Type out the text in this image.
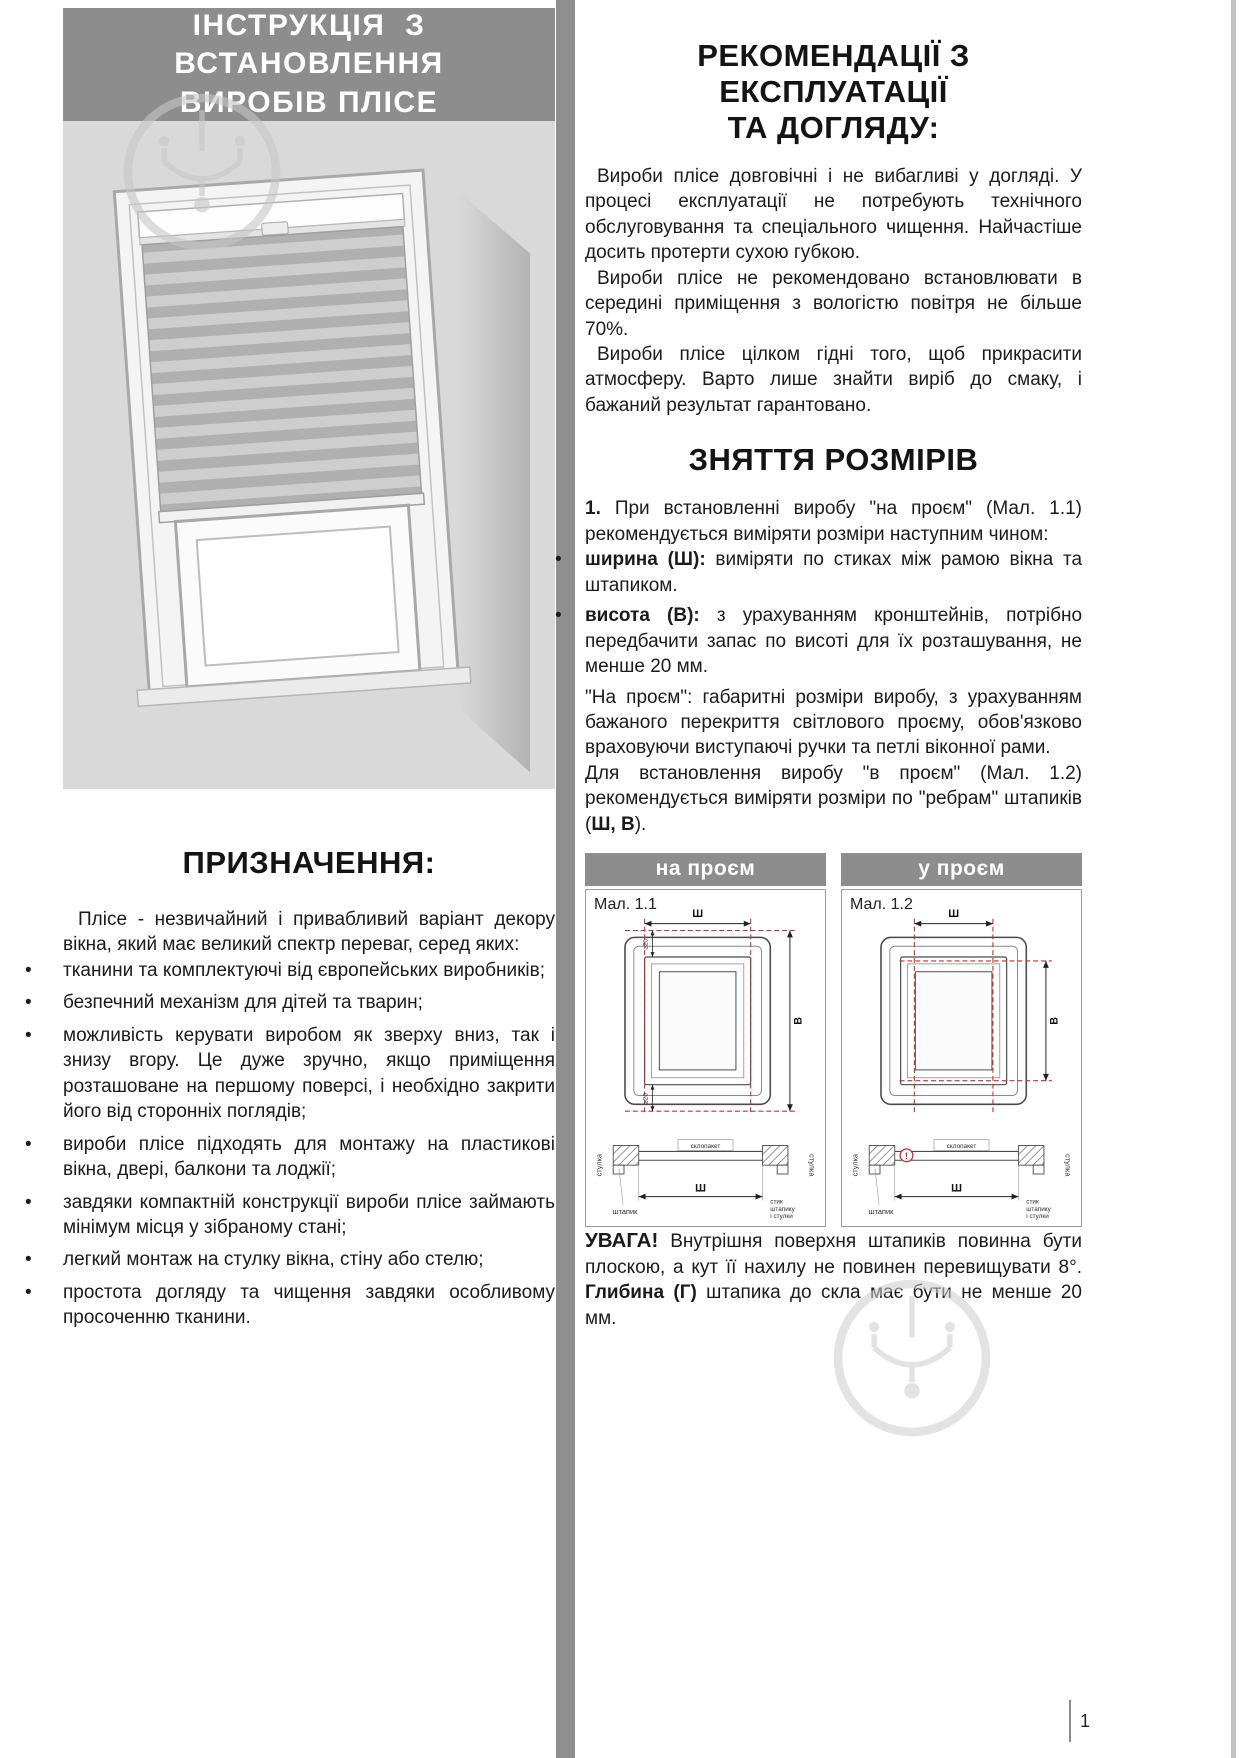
ІНСТРУКЦІЯ З ВСТАНОВЛЕННЯ
ВИРОБІВ ПЛІСЕ
ПРИЗНАЧЕННЯ:

Плісе - незвичайний і привабливий варіант декору вікна, який має великий спектр переваг, серед яких:

• тканини та комплектуючі від європейських виробників;
• безпечний механізм для дітей та тварин;
• можливість керувати виробом як зверху вниз, так і знизу вгору. Це дуже зручно, якщо приміщення розташоване на першому поверсі, і необхідно закрити його від сторонніх поглядів;
• вироби плісе підходять для монтажу на пластикові вікна, двері, балкони та лоджії;
• завдяки компактній конструкції вироби плісе займають мінімум місця у зібраному стані;
• легкий монтаж на стулку вікна, стіну або стелю;
• простота догляду та чищення завдяки особливому просоченню тканини.
РЕКОМЕНДАЦІЇ З ЕКСПЛУАТАЦІЇ
ТА ДОГЛЯДУ:

Вироби плісе довговічні і не вибагливі у догляді. У процесі експлуатації не потребують технічного обслуговування та спеціального чищення. Найчастіше досить протерти сухою губкою.

Вироби плісе не рекомендовано встановлювати в середині приміщення з вологістю повітря не більше 70%.

Вироби плісе цілком гідні того, щоб прикрасити атмосферу. Варто лише знайти виріб до смаку, і бажаний результат гарантовано.

ЗНЯТТЯ РОЗМІРІВ

1. При встановленні виробу "на проєм" (Мал. 1.1) рекомендується виміряти розміри наступним чином:

• ширина (Ш): виміряти по стиках між рамою вікна та штапиком.
• висота (В): з урахуванням кронштейнів, потрібно передбачити запас по висоті для їх розташування, не менше 20 мм.

"На проєм": габаритні розміри виробу, з урахуванням бажаного перекриття світлового проєму, обов'язково враховуючи виступаючі ручки та петлі віконної рами.

Для встановлення виробу "в проєм" (Мал. 1.2) рекомендується виміряти розміри по "ребрам" штапиків (Ш, В).

на проєм
Мал. 1.1
Ш
В
≥20
≥20
стулка
склопакет
стулка
Ш
штапик
стик
штапику
і стулки
у проєм
Мал. 1.2
Ш
В
стулка
склопакет
стулка
!
Ш
штапик
стик
штапику
і стулки

УВАГА! Внутрішня поверхня штапиків повинна бути плоскою, а кут її нахилу не повинен перевищувати 8°. Глибина (Г) штапика до скла має бути не менше 20 мм.

1
